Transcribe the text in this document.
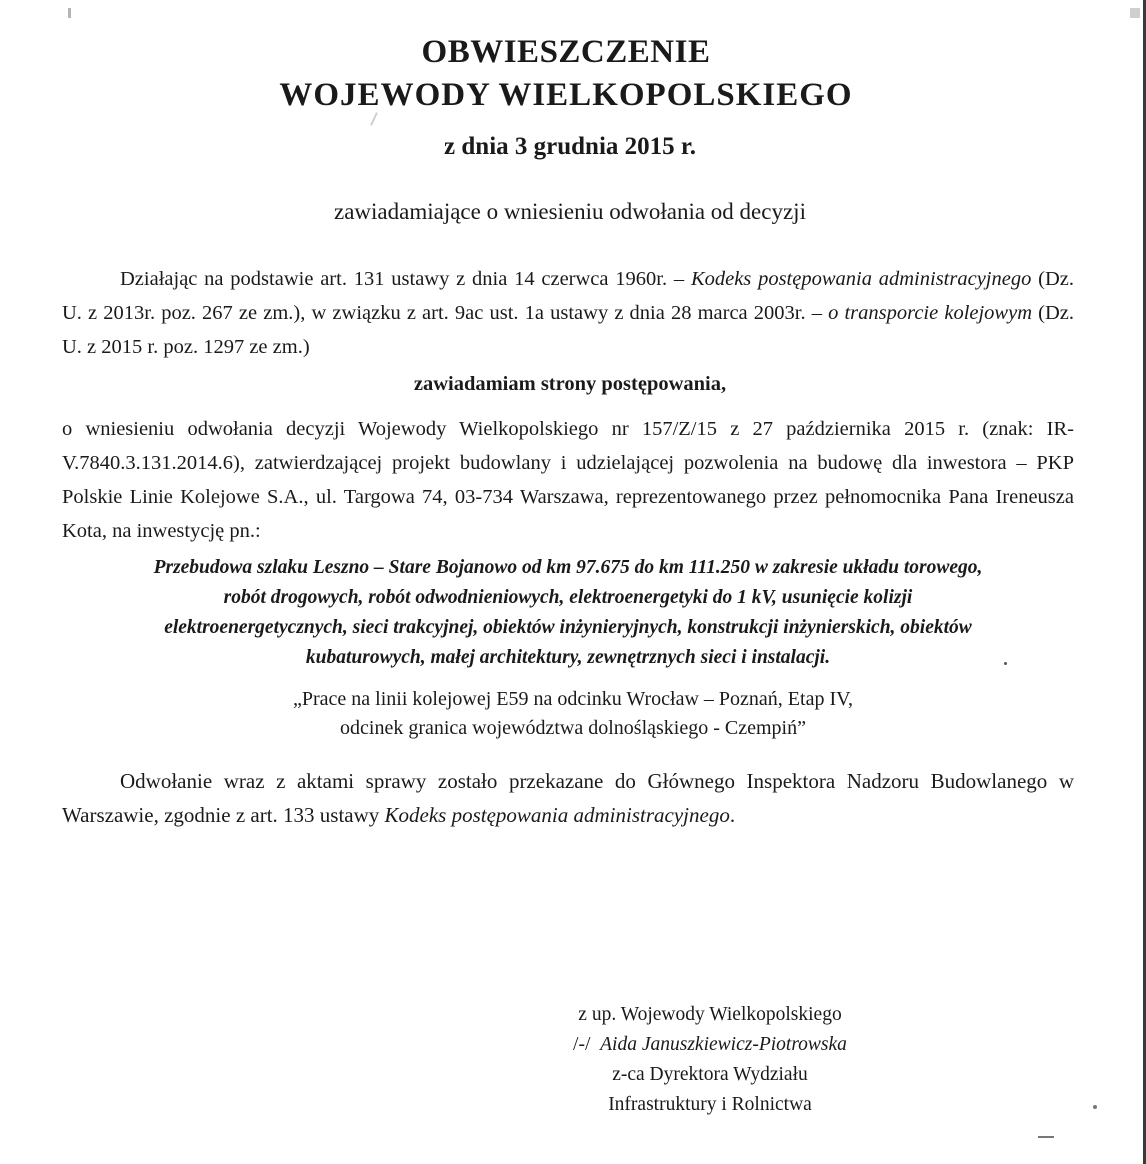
OBWIESZCZENIE
WOJEWODY WIELKOPOLSKIEGO
z dnia 3 grudnia 2015 r.
zawiadamiające o wniesieniu odwołania od decyzji
Działając na podstawie art. 131 ustawy z dnia 14 czerwca 1960r. – Kodeks postępowania administracyjnego (Dz. U. z 2013r. poz. 267 ze zm.), w związku z art. 9ac ust. 1a ustawy z dnia 28 marca 2003r. – o transporcie kolejowym (Dz. U. z 2015 r. poz. 1297 ze zm.)
zawiadamiam strony postępowania,
o wniesieniu odwołania decyzji Wojewody Wielkopolskiego nr 157/Z/15 z 27 października 2015 r. (znak: IR-V.7840.3.131.2014.6), zatwierdzającej projekt budowlany i udzielającej pozwolenia na budowę dla inwestora – PKP Polskie Linie Kolejowe S.A., ul. Targowa 74, 03-734 Warszawa, reprezentowanego przez pełnomocnika Pana Ireneusza Kota, na inwestycję pn.:
Przebudowa szlaku Leszno – Stare Bojanowo od km 97.675 do km 111.250 w zakresie układu torowego,
robót drogowych, robót odwodnieniowych, elektroenergetyki do 1 kV, usunięcie kolizji
elektroenergetycznych, sieci trakcyjnej, obiektów inżynieryjnych, konstrukcji inżynierskich, obiektów
kubaturowych, małej architektury, zewnętrznych sieci i instalacji.
„Prace na linii kolejowej E59 na odcinku Wrocław – Poznań, Etap IV,
odcinek granica województwa dolnośląskiego - Czempiń”
Odwołanie wraz z aktami sprawy zostało przekazane do Głównego Inspektora Nadzoru Budowlanego w Warszawie, zgodnie z art. 133 ustawy Kodeks postępowania administracyjnego.
z up. Wojewody Wielkopolskiego
/-/  Aida Januszkiewicz-Piotrowska
z-ca Dyrektora Wydziału
Infrastruktury i Rolnictwa
